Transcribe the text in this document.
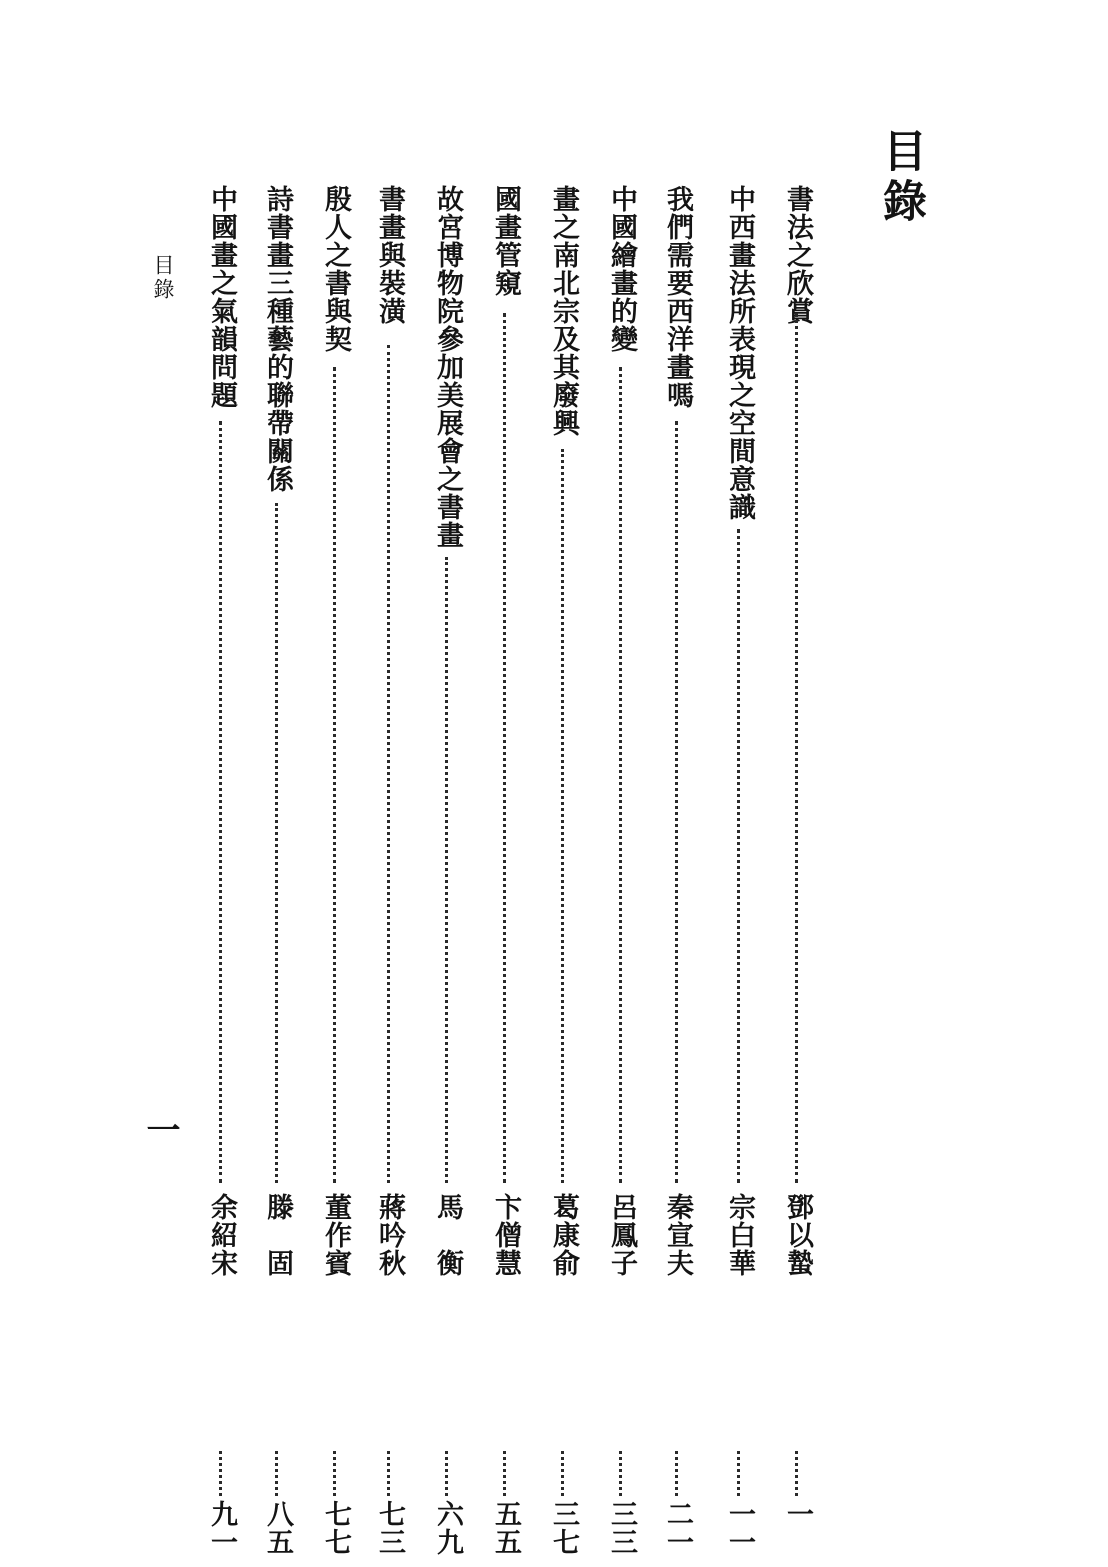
目錄
書法之欣賞
鄧以蟄
一
中西畫法所表現之空間意識
宗白華
一一
我們需要西洋畫嗎
秦宣夫
二一
中國繪畫的變
呂鳳子
三三
畫之南北宗及其廢興
葛康俞
三七
國畫管窺
卞僧慧
五五
故宮博物院參加美展會之書畫
馬　衡
六九
書畫與裝潢
蔣吟秋
七三
殷人之書與契
董作賓
七七
詩書畫三種藝的聯帶關係
滕　固
八五
中國畫之氣韻問題
余紹宋
九一
目錄
一
